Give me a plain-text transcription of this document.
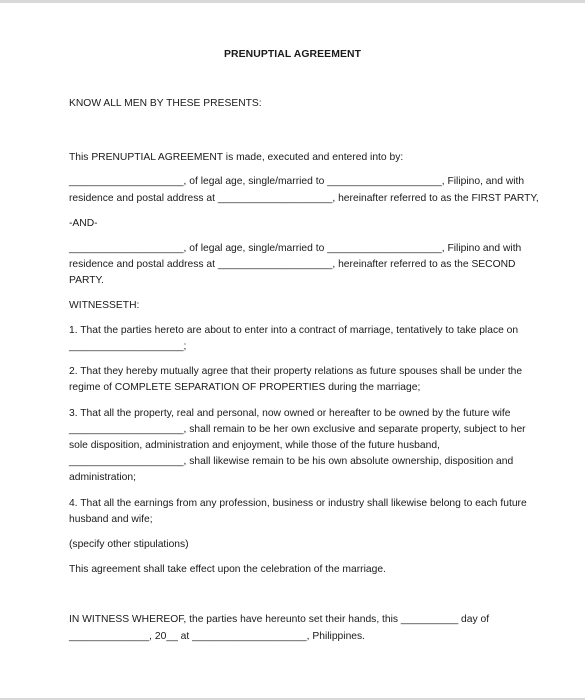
PRENUPTIAL AGREEMENT

KNOW ALL MEN BY THESE PRESENTS:

This PRENUPTIAL AGREEMENT is made, executed and entered into by:

____________________, of legal age, single/married to ____________________, Filipino, and with

residence and postal address at ____________________, hereinafter referred to as the FIRST PARTY,

-AND-

____________________, of legal age, single/married to ____________________, Filipino and with

residence and postal address at ____________________, hereinafter referred to as the SECOND

PARTY.

WITNESSETH:

1. That the parties hereto are about to enter into a contract of marriage, tentatively to take place on

____________________;

2. That they hereby mutually agree that their property relations as future spouses shall be under the

regime of COMPLETE SEPARATION OF PROPERTIES during the marriage;

3. That all the property, real and personal, now owned or hereafter to be owned by the future wife

____________________, shall remain to be her own exclusive and separate property, subject to her

sole disposition, administration and enjoyment, while those of the future husband,

____________________, shall likewise remain to be his own absolute ownership, disposition and

administration;

4. That all the earnings from any profession, business or industry shall likewise belong to each future

husband and wife;

(specify other stipulations)

This agreement shall take effect upon the celebration of the marriage.

IN WITNESS WHEREOF, the parties have hereunto set their hands, this __________ day of

______________, 20__ at ____________________, Philippines.
